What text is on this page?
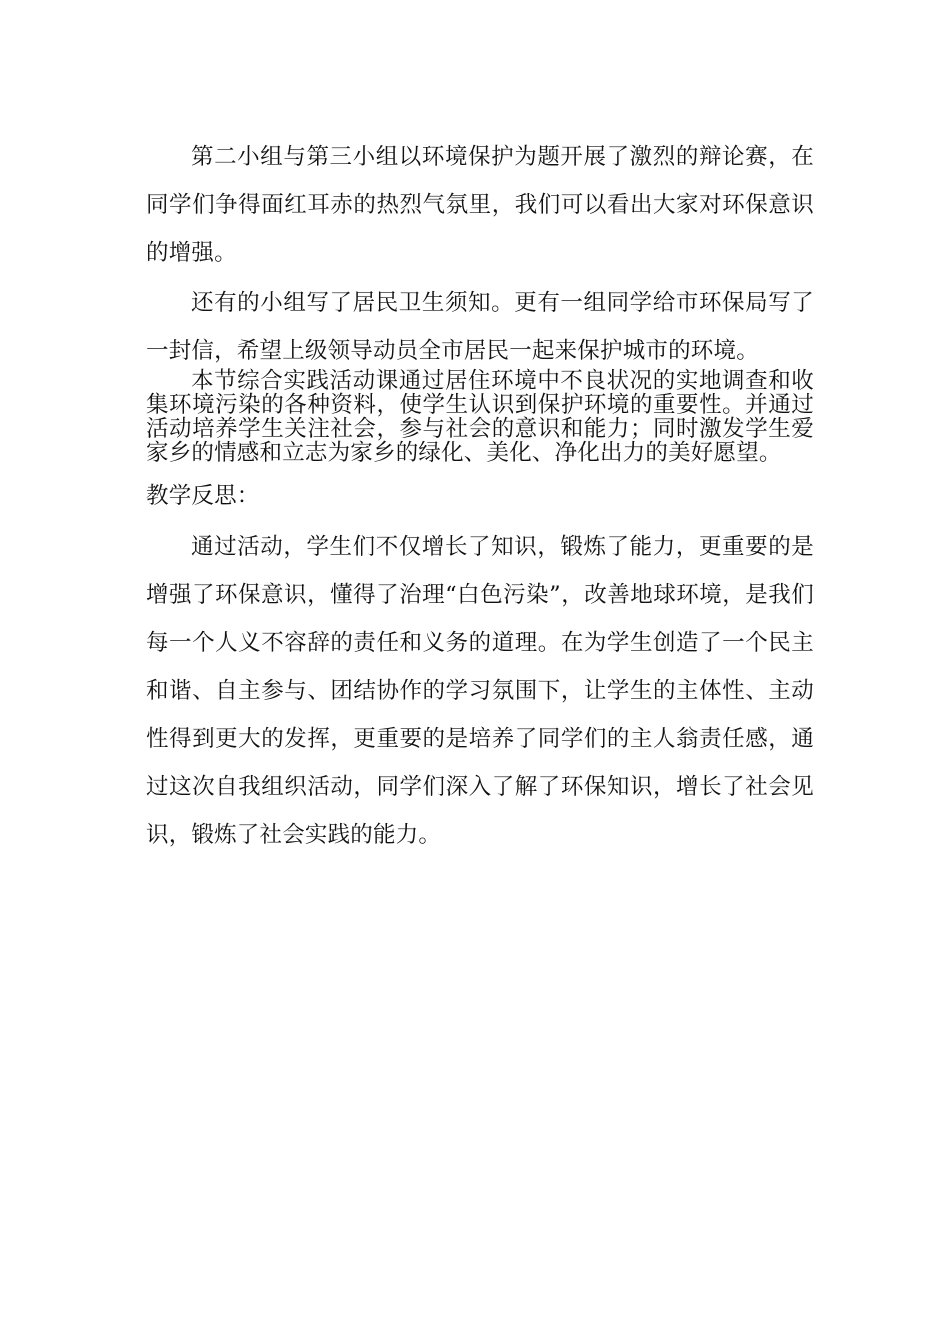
第二小组与第三小组以环境保护为题开展了激烈的辩论赛，在同学们争得面红耳赤的热烈气氛里，我们可以看出大家对环保意识的增强。

还有的小组写了居民卫生须知。更有一组同学给市环保局写了一封信，希望上级领导动员全市居民一起来保护城市的环境。

本节综合实践活动课通过居住环境中不良状况的实地调查和收集环境污染的各种资料，使学生认识到保护环境的重要性。并通过活动培养学生关注社会，参与社会的意识和能力；同时激发学生爱家乡的情感和立志为家乡的绿化、美化、净化出力的美好愿望。

教学反思：

通过活动，学生们不仅增长了知识，锻炼了能力，更重要的是增强了环保意识，懂得了治理“白色污染”，改善地球环境，是我们每一个人义不容辞的责任和义务的道理。在为学生创造了一个民主和谐、自主参与、团结协作的学习氛围下，让学生的主体性、主动性得到更大的发挥，更重要的是培养了同学们的主人翁责任感，通过这次自我组织活动，同学们深入了解了环保知识，增长了社会见识，锻炼了社会实践的能力。
